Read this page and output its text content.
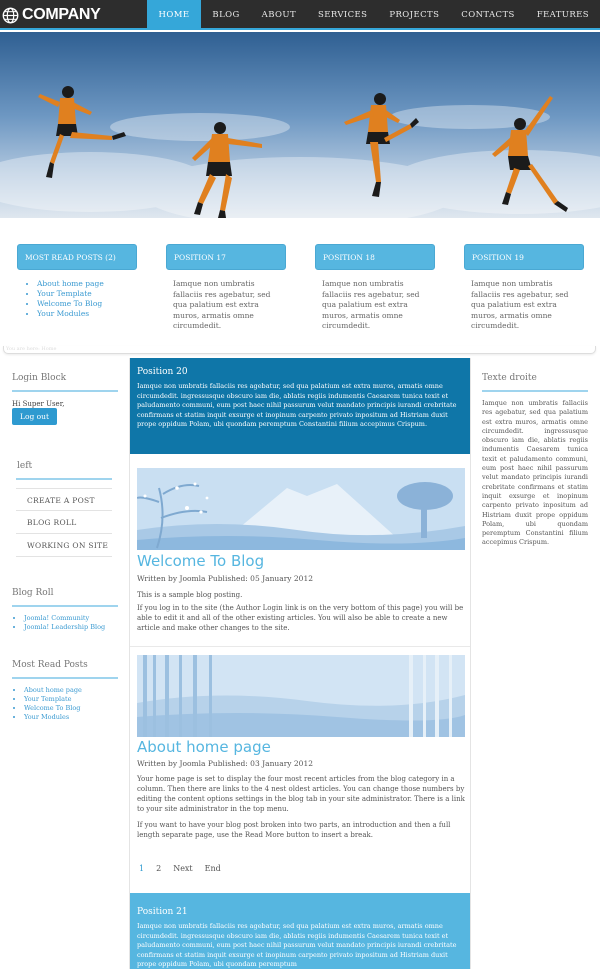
COMPANY	HOME	BLOG	ABOUT	SERVICES	PROJECTS	CONTACTS	FEATURES
MOST READ POSTS (2)
• About home page
• Your Template
• Welcome To Blog
• Your Modules
POSITION 17
Iamque non umbratis fallaciis res agebatur, sed qua palatium est extra muros, armatis omne circumdedit.
POSITION 18
Iamque non umbratis fallaciis res agebatur, sed qua palatium est extra muros, armatis omne circumdedit.
POSITION 19
Iamque non umbratis fallaciis res agebatur, sed qua palatium est extra muros, armatis omne circumdedit.
You are here: Home
Login Block
Hi Super User,
Log out
left
CREATE A POST
BLOG ROLL
WORKING ON SITE
Blog Roll
• Joomla! Community
• Joomla! Leadership Blog
Most Read Posts
• About home page
• Your Template
• Welcome To Blog
• Your Modules
Position 20
Iamque non umbratis fallaciis res agebatur, sed qua palatium est extra muros, armatis omne circumdedit. ingressusque obscuro iam die, ablatis regiis indumentis Caesarem tunica texit et paludamento communi, eum post haec nihil passurum velut mandato principis iurandi crebritate confirmans et statim inquit exsurge et inopinum carpento privato inpositum ad Histriam duxit prope oppidum Polam, ubi quondam peremptum Constantini filium accepimus Crispum.
Welcome To Blog
Written by Joomla Published: 05 January 2012
This is a sample blog posting.
If you log in to the site (the Author Login link is on the very bottom of this page) you will be able to edit it and all of the other existing articles. You will also be able to create a new article and make other changes to the site.
About home page
Written by Joomla Published: 03 January 2012
Your home page is set to display the four most recent articles from the blog category in a column. Then there are links to the 4 nest oldest articles. You can change those numbers by editing the content options settings in the blog tab in your site administrator. There is a link to your site administrator in the top menu.
If you want to have your blog post broken into two parts, an introduction and then a full length separate page, use the Read More button to insert a break.
1 2 Next End
Position 21
Iamque non umbratis fallaciis res agebatur, sed qua palatium est extra muros, armatis omne circumdedit. ingressusque obscuro iam die, ablatis regiis indumentis Caesarem tunica texit et paludamento communi, eum post haec nihil passurum velut mandato principis iurandi crebritate confirmans et statim inquit exsurge et inopinum carpento privato inpositum ad Histriam duxit prope oppidum Polam, ubi quondam peremptum
Texte droite
Iamque non umbratis fallaciis res agebatur, sed qua palatium est extra muros, armatis omne circumdedit. ingressusque obscuro iam die, ablatis regiis indumentis Caesarem tunica texit et paludamento communi, eum post haec nihil passurum velut mandato principis iurandi crebritate confirmans et statim inquit exsurge et inopinum carpento privato inpositum ad Histriam duxit prope oppidum Polam, ubi quondam peremptum Constantini filium accepimus Crispum.
